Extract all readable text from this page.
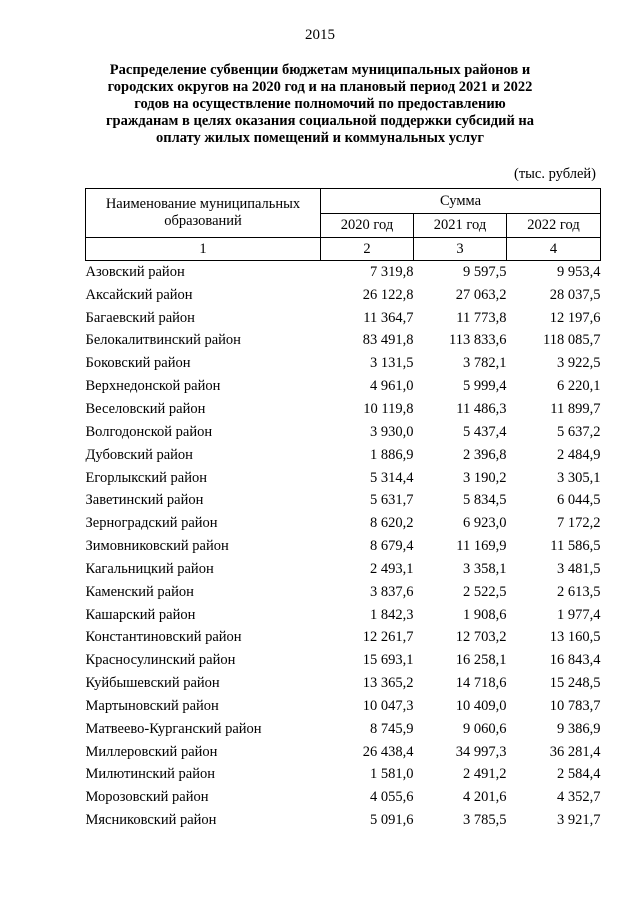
2015
Распределение субвенции бюджетам муниципальных районов и городских округов на 2020 год и на плановый период 2021 и 2022 годов на осуществление полномочий по предоставлению гражданам в целях оказания социальной поддержки субсидий на оплату жилых помещений и коммунальных услуг
(тыс. рублей)
Наименование муниципальных образований	Сумма		
	2020 год	2021 год	2022 год
1	2	3	4
Азовский район	7 319,8	9 597,5	9 953,4
Аксайский район	26 122,8	27 063,2	28 037,5
Багаевский район	11 364,7	11 773,8	12 197,6
Белокалитвинский район	83 491,8	113 833,6	118 085,7
Боковский район	3 131,5	3 782,1	3 922,5
Верхнедонской район	4 961,0	5 999,4	6 220,1
Веселовский район	10 119,8	11 486,3	11 899,7
Волгодонской район	3 930,0	5 437,4	5 637,2
Дубовский район	1 886,9	2 396,8	2 484,9
Егорлыкский район	5 314,4	3 190,2	3 305,1
Заветинский район	5 631,7	5 834,5	6 044,5
Зерноградский район	8 620,2	6 923,0	7 172,2
Зимовниковский район	8 679,4	11 169,9	11 586,5
Кагальницкий район	2 493,1	3 358,1	3 481,5
Каменский район	3 837,6	2 522,5	2 613,5
Кашарский район	1 842,3	1 908,6	1 977,4
Константиновский район	12 261,7	12 703,2	13 160,5
Красносулинский район	15 693,1	16 258,1	16 843,4
Куйбышевский район	13 365,2	14 718,6	15 248,5
Мартыновский район	10 047,3	10 409,0	10 783,7
Матвеево-Курганский район	8 745,9	9 060,6	9 386,9
Миллеровский район	26 438,4	34 997,3	36 281,4
Милютинский район	1 581,0	2 491,2	2 584,4
Морозовский район	4 055,6	4 201,6	4 352,7
Мясниковский район	5 091,6	3 785,5	3 921,7
